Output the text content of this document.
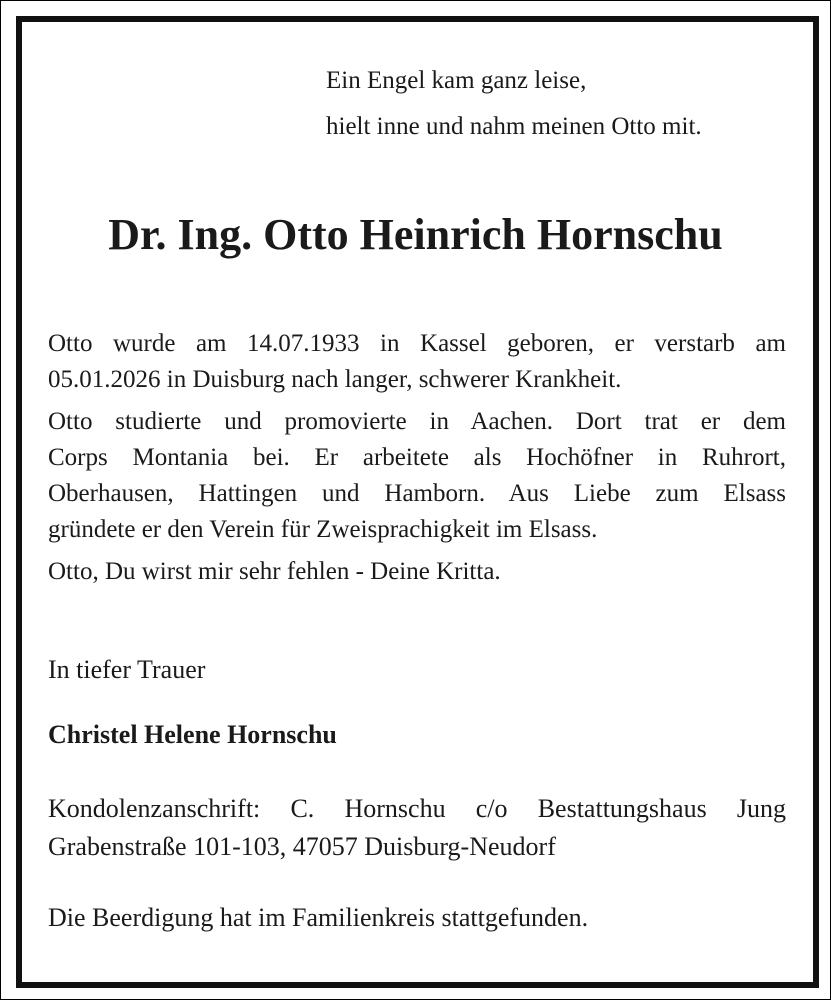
Ein Engel kam ganz leise,
hielt inne und nahm meinen Otto mit.
Dr. Ing. Otto Heinrich Hornschu
Otto wurde am 14.07.1933 in Kassel geboren, er verstarb am
05.01.2026 in Duisburg nach langer, schwerer Krankheit.
Otto studierte und promovierte in Aachen. Dort trat er dem
Corps Montania bei. Er arbeitete als Hochöfner in Ruhrort,
Oberhausen, Hattingen und Hamborn. Aus Liebe zum Elsass
gründete er den Verein für Zweisprachigkeit im Elsass.
Otto, Du wirst mir sehr fehlen - Deine Kritta.
In tiefer Trauer
Christel Helene Hornschu
Kondolenzanschrift: C. Hornschu c/o Bestattungshaus Jung
Grabenstraße 101-103, 47057 Duisburg-Neudorf
Die Beerdigung hat im Familienkreis stattgefunden.
